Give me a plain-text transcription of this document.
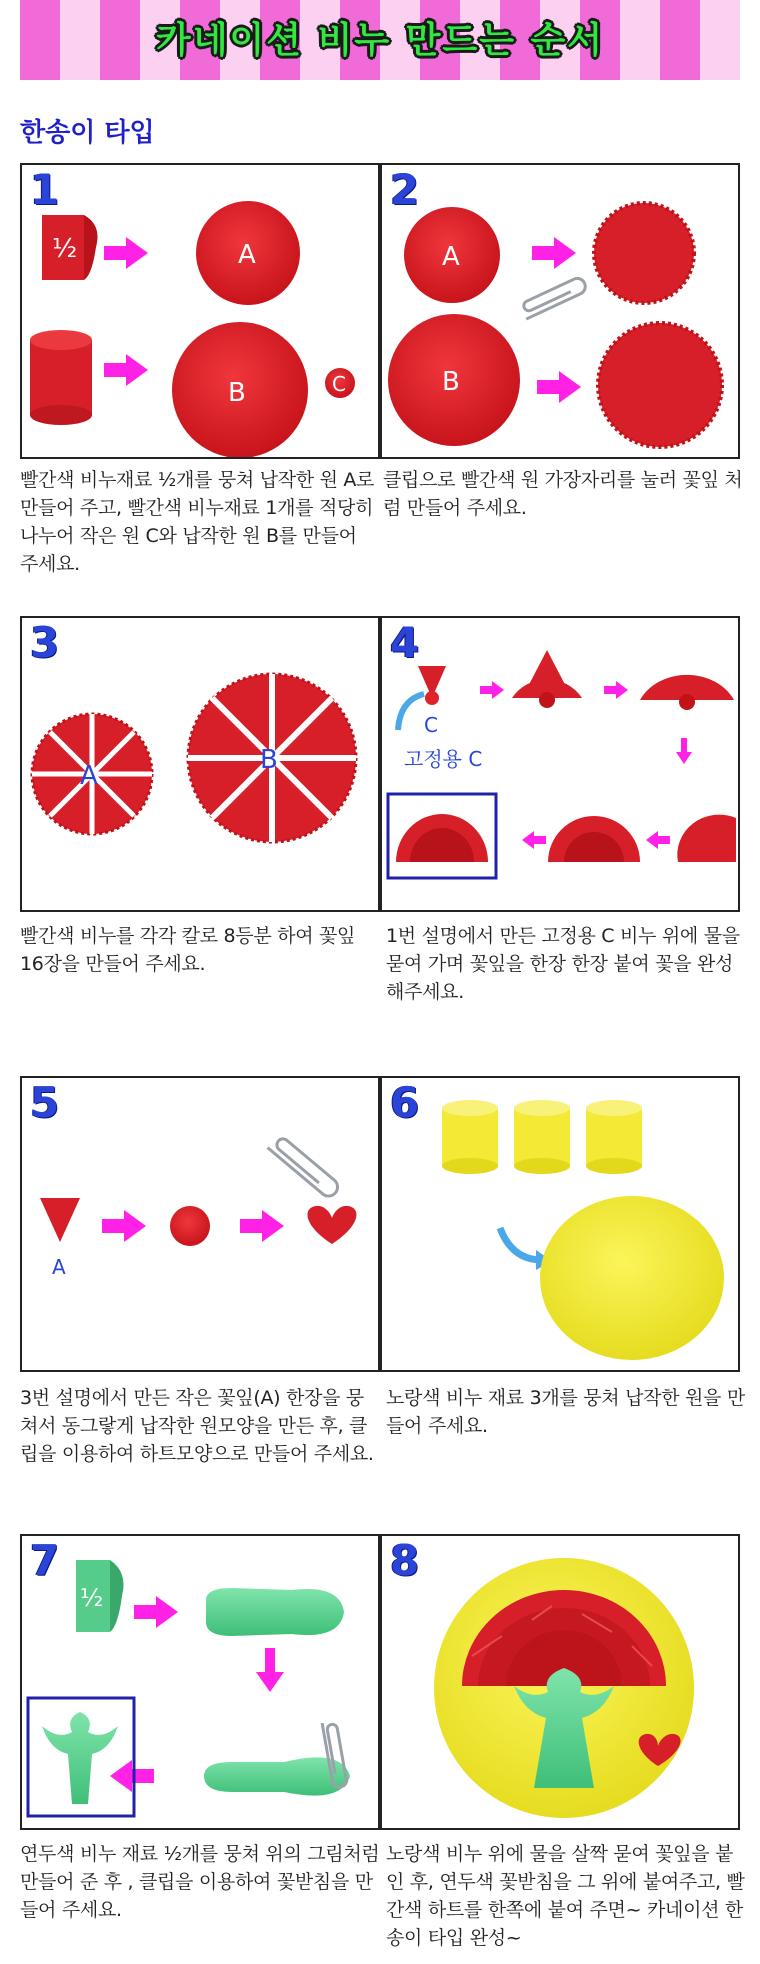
카네이션 비누 만드는 순서
한송이 타입
½	A
B	C
1
빨간색 비누재료 ½개를 뭉쳐 납작한 원 A로 만들어 주고, 빨간색 비누재료 1개를 적당히 나누어 작은 원 C와 납작한 원 B를 만들어 주세요.
A
B
2
클립으로 빨간색 원 가장자리를 눌러 꽃잎 처럼 만들어 주세요.
A
B
3
빨간색 비누를 각각 칼로 8등분 하여 꽃잎 16장을 만들어 주세요.
C
고정용 C
4
1번 설명에서 만든 고정용 C 비누 위에 물을 묻여 가며 꽃잎을 한장 한장 붙여 꽃을 완성해주세요.
A
5
3번 설명에서 만든 작은 꽃잎(A) 한장을 뭉쳐서 동그랗게 납작한 원모양을 만든 후, 클립을 이용하여 하트모양으로 만들어 주세요.
6
노랑색 비누 재료 3개를 뭉쳐 납작한 원을 만들어 주세요.
½
7
연두색 비누 재료 ½개를 뭉쳐 위의 그림처럼 만들어 준 후 , 클립을 이용하여 꽃받침을 만들어 주세요.
8
노랑색 비누 위에 물을 살짝 묻여 꽃잎을 붙인 후, 연두색 꽃받침을 그 위에 붙여주고, 빨간색 하트를 한쪽에 붙여 주면~ 카네이션 한송이 타입 완성~
